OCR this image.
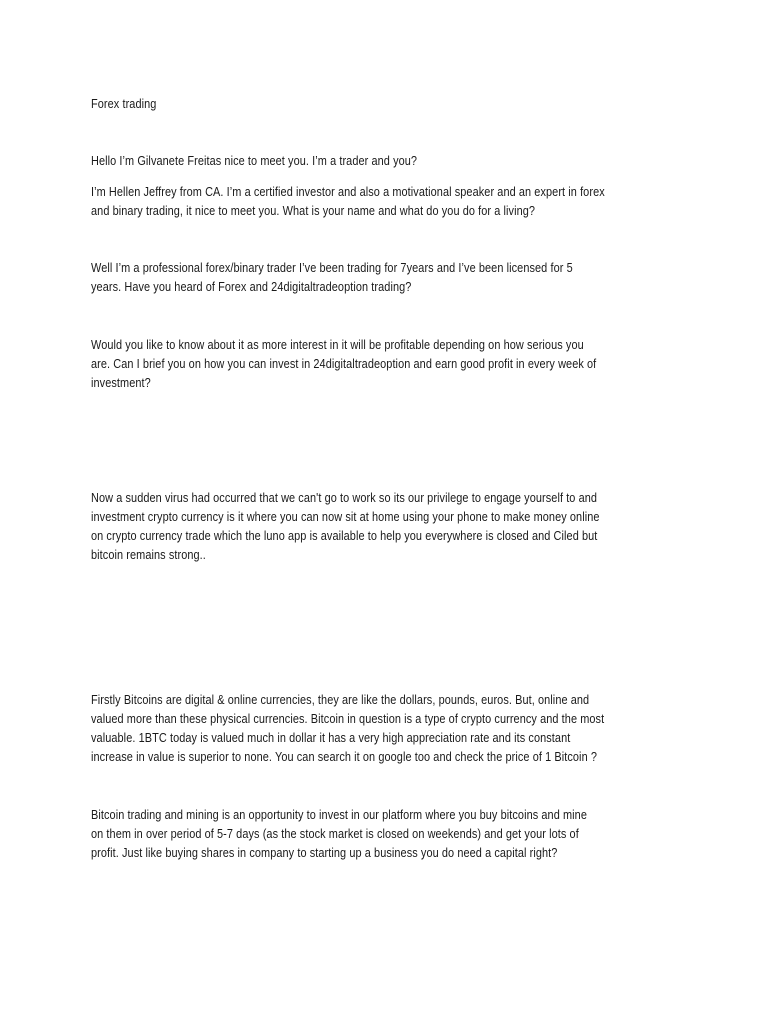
Forex trading
Hello I’m Gilvanete Freitas nice to meet you. I’m a trader and you?
I’m Hellen Jeffrey from CA. I’m a certified investor and also a motivational speaker and an expert in forex
and binary trading, it nice to meet you. What is your name and what do you do for a living?
Well I’m a professional forex/binary trader I’ve been trading for 7years and I’ve been licensed for 5
years. Have you heard of Forex and 24digitaltradeoption trading?
Would you like to know about it as more interest in it will be profitable depending on how serious you
are. Can I brief you on how you can invest in 24digitaltradeoption and earn good profit in every week of
investment?
Now a sudden virus had occurred that we can't go to work so its our privilege to engage yourself to and
investment crypto currency is it where you can now sit at home using your phone to make money online
on crypto currency trade which the luno app is available to help you everywhere is closed and Ciled but
bitcoin remains strong..
Firstly Bitcoins are digital & online currencies, they are like the dollars, pounds, euros. But, online and
valued more than these physical currencies. Bitcoin in question is a type of crypto currency and the most
valuable. 1BTC today is valued much in dollar it has a very high appreciation rate and its constant
increase in value is superior to none. You can search it on google too and check the price of 1 Bitcoin ?
Bitcoin trading and mining is an opportunity to invest in our platform where you buy bitcoins and mine
on them in over period of 5-7 days (as the stock market is closed on weekends) and get your lots of
profit. Just like buying shares in company to starting up a business you do need a capital right?
